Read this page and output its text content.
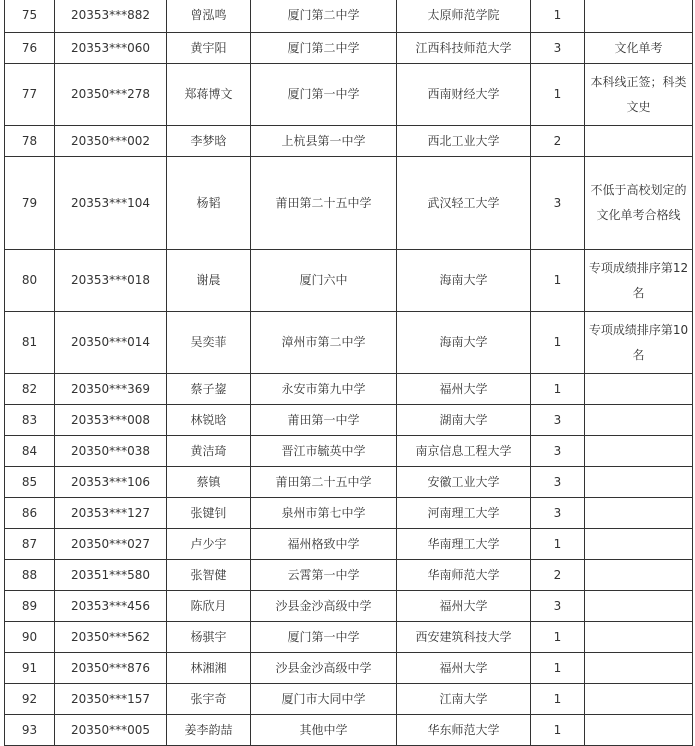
75	20353***882	曾泓鸣	厦门第二中学	太原师范学院	1	
76	20353***060	黄宇阳	厦门第二中学	江西科技师范大学	3	文化单考
77	20350***278	郑蒋博文	厦门第一中学	西南财经大学	1	本科线正签；科类文史
78	20350***002	李梦晗	上杭县第一中学	西北工业大学	2	
79	20353***104	杨韬	莆田第二十五中学	武汉轻工大学	3	不低于高校划定的文化单考合格线
80	20353***018	谢晨	厦门六中	海南大学	1	专项成绩排序第12名
81	20350***014	吴奕菲	漳州市第二中学	海南大学	1	专项成绩排序第10名
82	20350***369	蔡子鋆	永安市第九中学	福州大学	1	
83	20353***008	林锐晗	莆田第一中学	湖南大学	3	
84	20350***038	黄洁琦	晋江市毓英中学	南京信息工程大学	3	
85	20353***106	蔡镇	莆田第二十五中学	安徽工业大学	3	
86	20353***127	张键钊	泉州市第七中学	河南理工大学	3	
87	20350***027	卢少宇	福州格致中学	华南理工大学	1	
88	20351***580	张智健	云霄第一中学	华南师范大学	2	
89	20353***456	陈欣月	沙县金沙高级中学	福州大学	3	
90	20350***562	杨骐宇	厦门第一中学	西安建筑科技大学	1	
91	20350***876	林湘湘	沙县金沙高级中学	福州大学	1	
92	20350***157	张宇奇	厦门市大同中学	江南大学	1	
93	20350***005	姜李韵喆	其他中学	华东师范大学	1	
